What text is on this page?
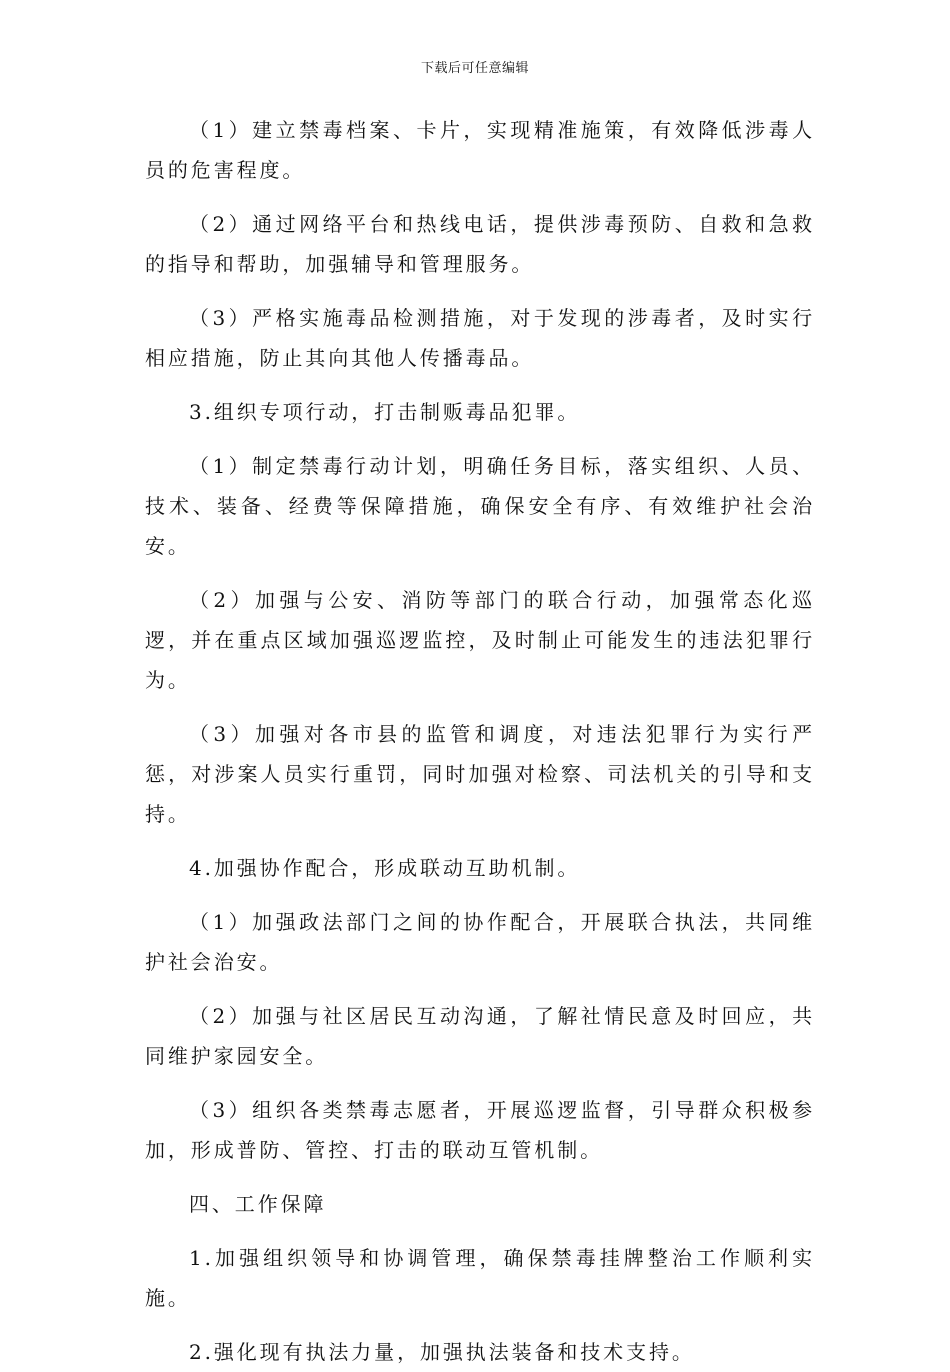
下载后可任意编辑

（1）建立禁毒档案、卡片，实现精准施策，有效降低涉毒人员的危害程度。

（2）通过网络平台和热线电话，提供涉毒预防、自救和急救的指导和帮助，加强辅导和管理服务。

（3）严格实施毒品检测措施，对于发现的涉毒者，及时实行相应措施，防止其向其他人传播毒品。

3.组织专项行动，打击制贩毒品犯罪。

（1）制定禁毒行动计划，明确任务目标，落实组织、人员、技术、装备、经费等保障措施，确保安全有序、有效维护社会治安。

（2）加强与公安、消防等部门的联合行动，加强常态化巡逻，并在重点区域加强巡逻监控，及时制止可能发生的违法犯罪行为。

（3）加强对各市县的监管和调度，对违法犯罪行为实行严惩，对涉案人员实行重罚，同时加强对检察、司法机关的引导和支持。

4.加强协作配合，形成联动互助机制。

（1）加强政法部门之间的协作配合，开展联合执法，共同维护社会治安。

（2）加强与社区居民互动沟通，了解社情民意及时回应，共同维护家园安全。

（3）组织各类禁毒志愿者，开展巡逻监督，引导群众积极参加，形成普防、管控、打击的联动互管机制。

四、工作保障

1.加强组织领导和协调管理，确保禁毒挂牌整治工作顺利实施。

2.强化现有执法力量，加强执法装备和技术支持。
